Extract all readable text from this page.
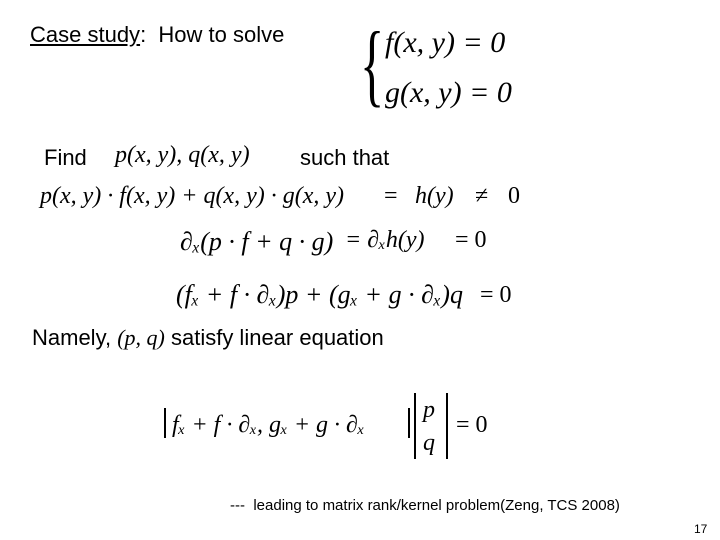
Case study: How to solve { f(x, y) = 0
g(x, y) = 0
Find p(x, y), q(x, y) such that
p(x, y) · f(x, y) + q(x, y) · g(x, y) = h(y) ≠ 0
∂ₓ(p · f + q · g) = ∂ₓh(y) = 0
(fₓ + f · ∂ₓ)p + (gₓ + g · ∂ₓ)q = 0
Namely, (p, q) satisfy linear equation
fₓ + f · ∂ₓ, gₓ + g · ∂ₓ
p
q
= 0
--- leading to matrix rank/kernel problem(Zeng, TCS 2008)
17
